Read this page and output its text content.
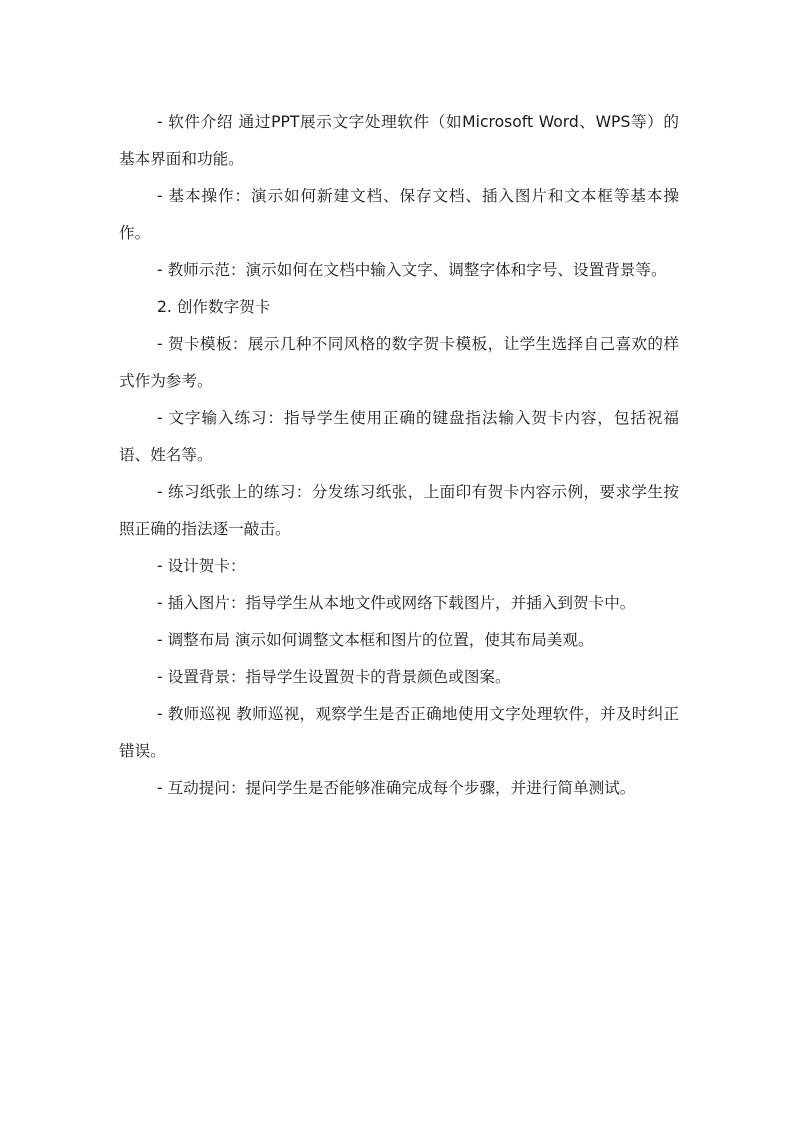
- 软件介绍 通过PPT展示文字处理软件（如Microsoft Word、WPS等）的基本界面和功能。

- 基本操作：演示如何新建文档、保存文档、插入图片和文本框等基本操作。

- 教师示范：演示如何在文档中输入文字、调整字体和字号、设置背景等。

2. 创作数字贺卡

- 贺卡模板：展示几种不同风格的数字贺卡模板，让学生选择自己喜欢的样式作为参考。

- 文字输入练习：指导学生使用正确的键盘指法输入贺卡内容，包括祝福语、姓名等。

- 练习纸张上的练习：分发练习纸张，上面印有贺卡内容示例，要求学生按照正确的指法逐一敲击。

- 设计贺卡：

- 插入图片：指导学生从本地文件或网络下载图片，并插入到贺卡中。

- 调整布局 演示如何调整文本框和图片的位置，使其布局美观。

- 设置背景：指导学生设置贺卡的背景颜色或图案。

- 教师巡视 教师巡视，观察学生是否正确地使用文字处理软件，并及时纠正错误。

- 互动提问：提问学生是否能够准确完成每个步骤，并进行简单测试。
